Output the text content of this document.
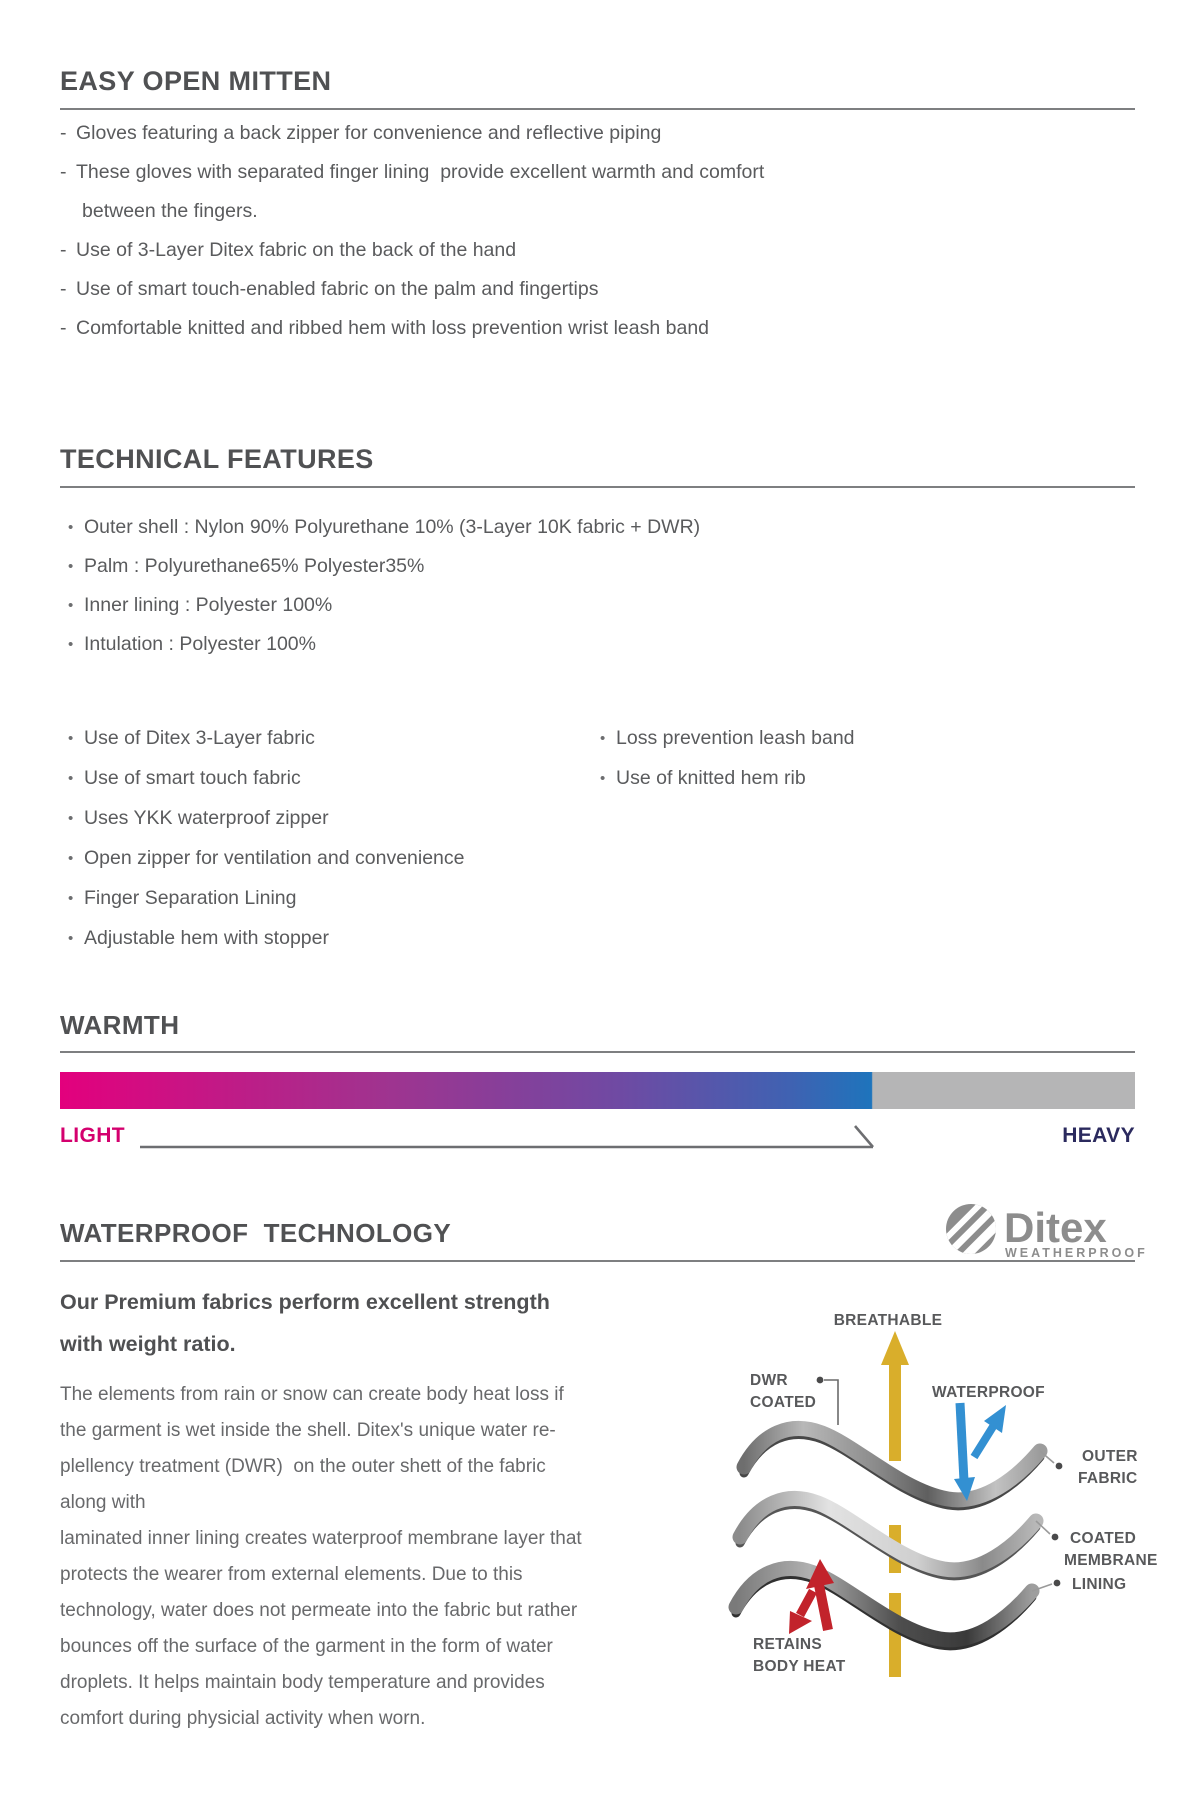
EASY OPEN MITTEN
- Gloves featuring a back zipper for convenience and reflective piping
- These gloves with separated finger lining  provide excellent warmth and comfort
between the fingers.
- Use of 3-Layer Ditex fabric on the back of the hand
- Use of smart touch-enabled fabric on the palm and fingertips
- Comfortable knitted and ribbed hem with loss prevention wrist leash band
TECHNICAL FEATURES
• Outer shell : Nylon 90% Polyurethane 10% (3-Layer 10K fabric + DWR)
• Palm : Polyurethane65% Polyester35%
• Inner lining : Polyester 100%
• Intulation : Polyester 100%
• Use of Ditex 3-Layer fabric
• Use of smart touch fabric
• Uses YKK waterproof zipper
• Open zipper for ventilation and convenience
• Finger Separation Lining
• Adjustable hem with stopper
• Loss prevention leash band
• Use of knitted hem rib
WARMTH
LIGHT	HEAVY
WATERPROOF  TECHNOLOGY	Ditex
WEATHERPROOF
Our Premium fabrics perform excellent strength
with weight ratio.
The elements from rain or snow can create body heat loss if
the garment is wet inside the shell. Ditex's unique water re-
plellency treatment (DWR)  on the outer shett of the fabric
along with
laminated inner lining creates waterproof membrane layer that
protects the wearer from external elements. Due to this
technology, water does not permeate into the fabric but rather
bounces off the surface of the garment in the form of water
droplets. It helps maintain body temperature and provides
comfort during physicial activity when worn.
BREATHABLE
WATERPROOF
DWR
COATED
OUTER
FABRIC
COATED
MEMBRANE
LINING
RETAINS
BODY HEAT
